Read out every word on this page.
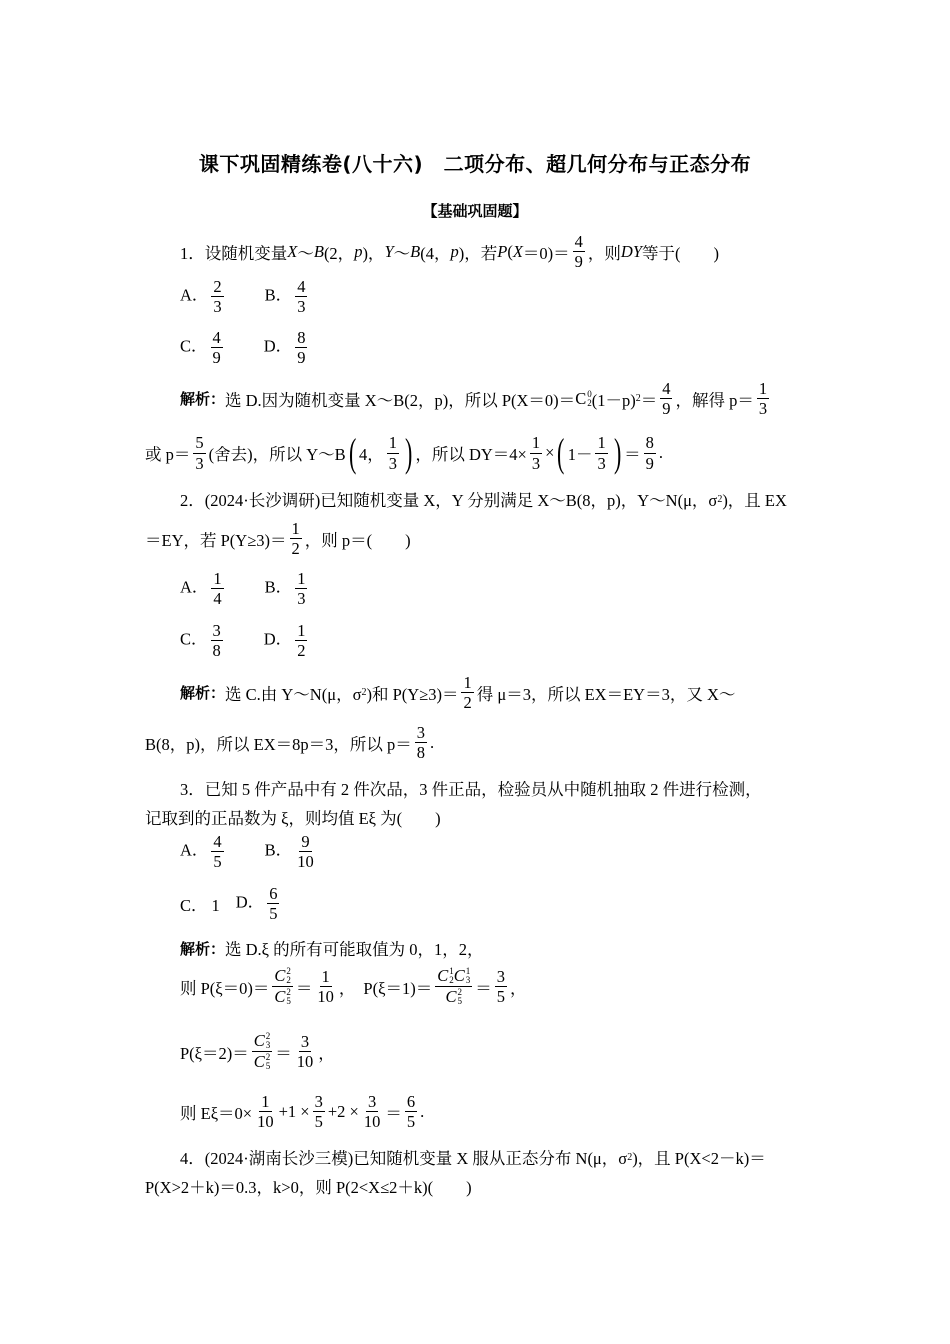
课下巩固精练卷(八十六)　二项分布、超几何分布与正态分布
【基础巩固题】
1．设随机变量 X ～ B (2， p )， Y ～ B (4， p )，若 P ( $X =0)= \frac{4}{9}$ ，则 DY 等于(　　)
A． $\frac{2}{3}$ B． $\frac{4}{3}$
C． $\frac{4}{9}$ D． $\frac{8}{9}$
解析： 选 D.因为随机变量 X～B(2，p)，所以 P(X＝0)＝ C 0
2 (1－p) $2 = \frac{4}{9}$ ，解得 $p= \frac{1}{3}$
或 $p= \frac{5}{3}$ (舍去)，所以 Y～B ( 4， $\frac{1}{3}$ ) ，所以 $DY=4\times \frac{1}{3}$ × ( $1- \frac{1}{3}$ ) ＝ $\frac{8}{9}$ .
2．(2024·长沙调研)已知随机变量 X，Y 分别满足 X～B(8，p)，Y～N(μ，σ 2 )，且 EX
＝EY，若 $P(Y\ge 3)= \frac{1}{2}$ ，则 p＝(　　)
A． $\frac{1}{4}$ B． $\frac{1}{3}$
C． $\frac{3}{8}$ D． $\frac{1}{2}$
解析： 选 C.由 Y～N(μ，σ 2 )和 $P(Y\ge 3)= \frac{1}{2}$ 得 μ＝3，所以 EX＝EY＝3，又 X～
B(8，p)，所以 EX＝8p＝3，所以 $p= \frac{3}{8}$ .
3．已知 5 件产品中有 2 件次品，3 件正品，检验员从中随机抽取 2 件进行检测，
记取到的正品数为 ξ，则均值 Eξ 为(　　)
A． $\frac{4}{5}$ B． $\frac{9}{10}$
C． 1 D． $\frac{6}{5}$
解析： 选 D.ξ 的所有可能取值为 0，1，2，
则 P(ξ＝0)＝ C 2
2
C 2
$5 = \frac{1}{10}$ ， P(ξ＝1)＝ C 1
2 C 1
3
C 2
$5 = \frac{3}{5}$ ，
P(ξ＝2)＝ C 2
3
C 2
$5 = \frac{3}{10}$ ，
则 $E\xi=0\times \frac{1}{10} +1 \times \frac{3}{5} +2 \times \frac{3}{10} = \frac{6}{5}$ .
4．(2024·湖南长沙三模)已知随机变量 X 服从正态分布 N(μ，σ 2 )，且 P(X<2－k)＝
P(X>2＋k)＝0.3，k>0，则 P(2<X≤2＋k)(　　)
